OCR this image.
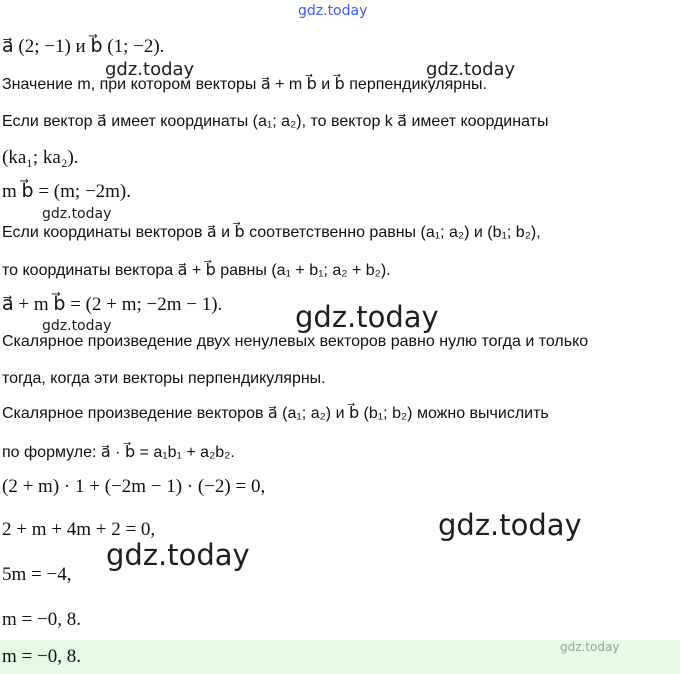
gdz.today
a⃗ (2; −1) и b⃗ (1; −2).
Значение m, при котором векторы a⃗ + m b⃗ и b⃗ перпендикулярны.
Если вектор a⃗ имеет координаты (a₁; a₂), то вектор k a⃗ имеет координаты
(ka₁; ka₂).
m b⃗ = (m; −2m).
Если координаты векторов a⃗ и b⃗ соответственно равны (a₁; a₂) и (b₁; b₂),
то координаты вектора a⃗ + b⃗ равны (a₁ + b₁; a₂ + b₂).
a⃗ + m b⃗ = (2 + m; −2m − 1).
Скалярное произведение двух ненулевых векторов равно нулю тогда и только
тогда, когда эти векторы перпендикулярны.
Скалярное произведение векторов a⃗ (a₁; a₂) и b⃗ (b₁; b₂) можно вычислить
по формуле: a⃗ · b⃗ = a₁b₁ + a₂b₂.
(2 + m) · 1 + (−2m − 1) · (−2) = 0,
2 + m + 4m + 2 = 0,
5m = −4,
m = −0, 8.
m = −0, 8.
gdz.today	gdz.today
gdz.today
gdz.today
gdz.today
gdz.today
gdz.today
gdz.today
